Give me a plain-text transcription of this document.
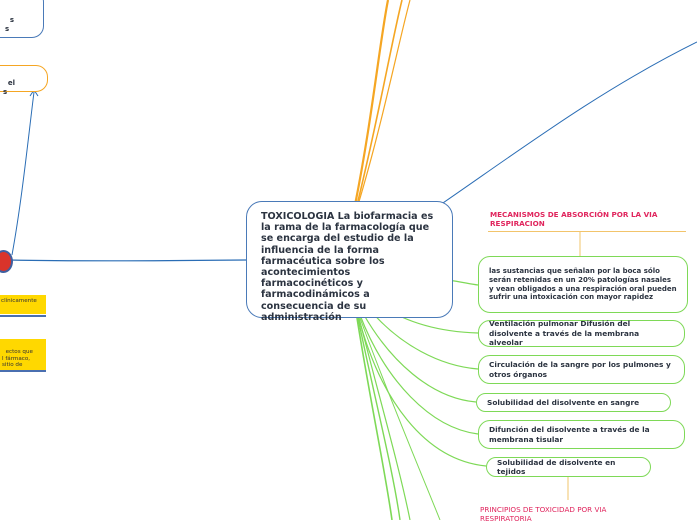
TOXICOLOGIA La biofarmacia es la rama de la farmacología que se encarga del estudio de la influencia de la forma farmacéutica sobre los acontecimientos farmacocinéticos y farmacodinámicos a consecuencia de su administración
MECANISMOS DE ABSORCIÓN POR LA VIA RESPIRACION
las sustancias que señalan por la boca sólo serán retenidas en un 20% patologías nasales y vean obligados a una respiración oral pueden sufrir una intoxicación con mayor rapidez
Ventilación pulmonar Difusión del disolvente a través de la membrana alveolar
Circulación de la sangre por los pulmones y otros órganos
Solubilidad del disolvente en sangre
Difunción del disolvente a través de la membrana tisular
Solubilidad de disolvente en tejidos
PRINCIPIOS DE TOXICIDAD POR VIA RESPIRATORIA

s
s

el
s

clínicamente

ectos que
l fármaco,
sitio de
